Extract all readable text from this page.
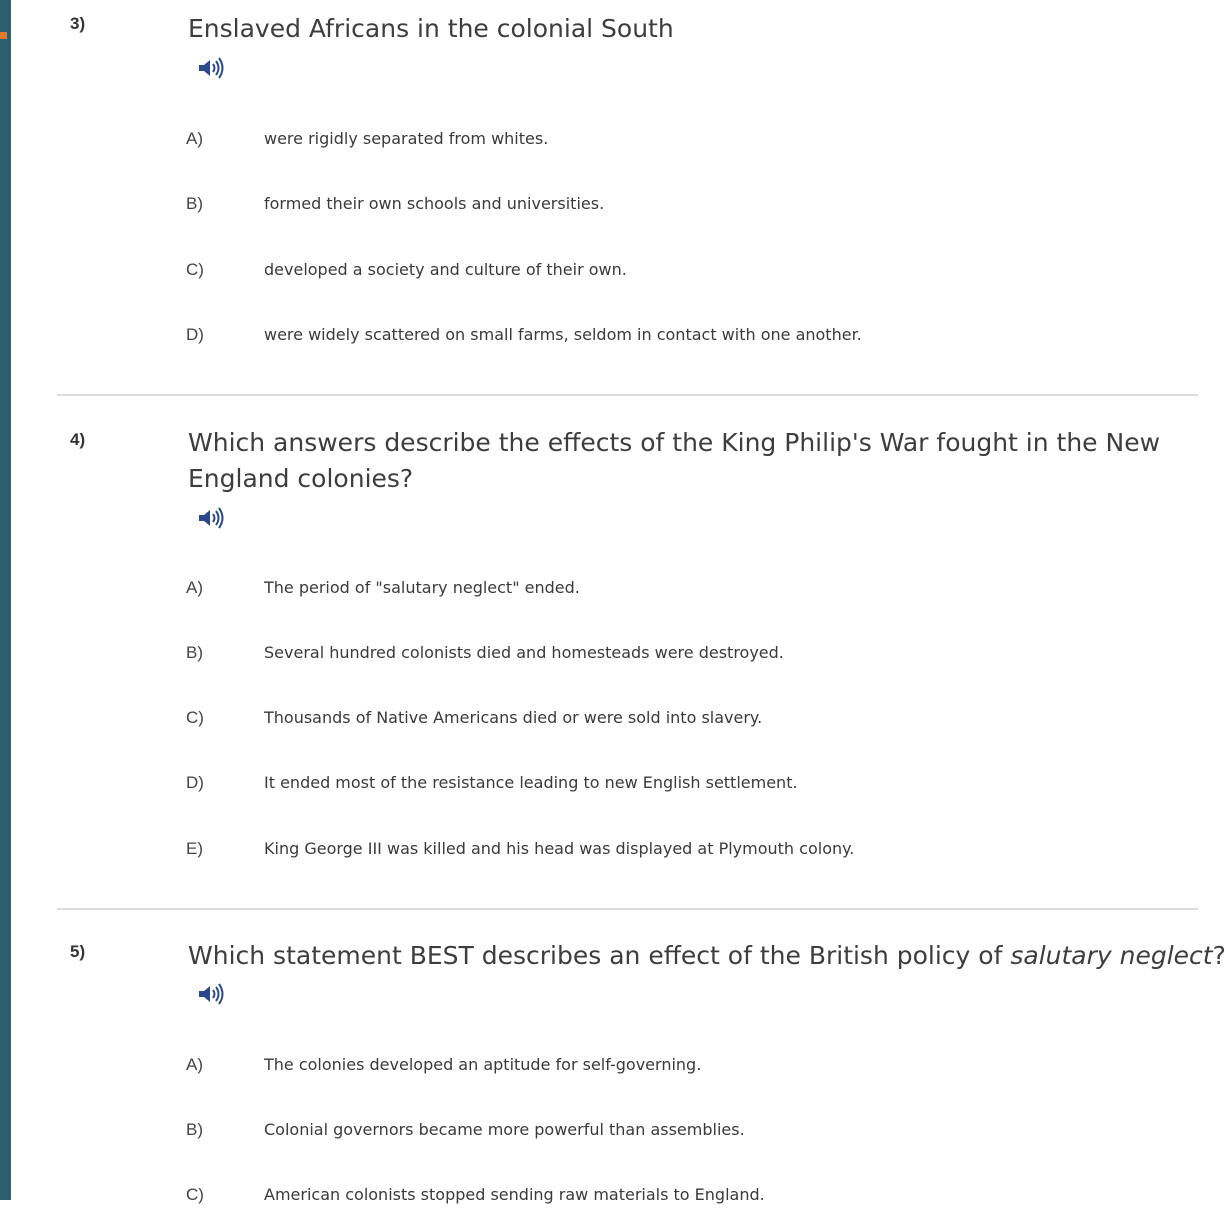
3)	Enslaved Africans in the colonial South
A)	were rigidly separated from whites.
B)	formed their own schools and universities.
C)	developed a society and culture of their own.
D)	were widely scattered on small farms, seldom in contact with one another.
4)	Which answers describe the effects of the King Philip's War fought in the New England colonies?
A)	The period of "salutary neglect" ended.
B)	Several hundred colonists died and homesteads were destroyed.
C)	Thousands of Native Americans died or were sold into slavery.
D)	It ended most of the resistance leading to new English settlement.
E)	King George III was killed and his head was displayed at Plymouth colony.
5)	Which statement BEST describes an effect of the British policy of salutary neglect?
A)	The colonies developed an aptitude for self-governing.
B)	Colonial governors became more powerful than assemblies.
C)	American colonists stopped sending raw materials to England.
